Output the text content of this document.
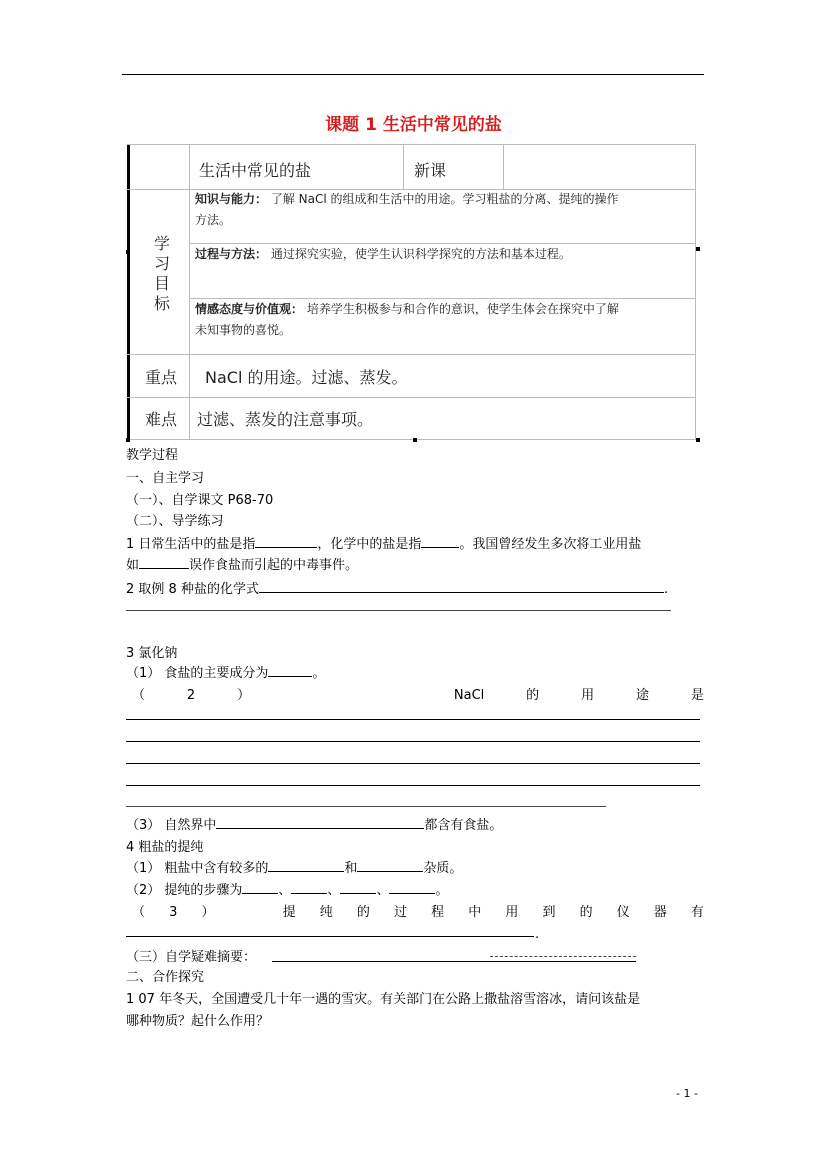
课题 1 生活中常见的盐
生活中常见的盐	新课
学习目标
知识与能力： 了解 NaCl 的组成和生活中的用途。学习粗盐的分离、提纯的操作
方法。
过程与方法： 通过探究实验，使学生认识科学探究的方法和基本过程。
情感态度与价值观： 培养学生积极参与和合作的意识，使学生体会在探究中了解
未知事物的喜悦。
重点 NaCl 的用途。过滤、蒸发。
难点 过滤、蒸发的注意事项。
教学过程
一、自主学习
（一）、自学课文 P68-70
（二）、导学练习
1 日常生活中的盐是指	，化学中的盐是指	。我国曾经发生多次将工业用盐
如	误作食盐而引起的中毒事件。
2 取例 8 种盐的化学式	.
3 氯化钠
（1） 食盐的主要成分为	。
（	2	）	NaCl	的	用	途	是
（3） 自然界中	都含有食盐。
4 粗盐的提纯
（1） 粗盐中含有较多的	和	杂质。
（2） 提纯的步骤为	、	、	、	。
（ 3 ）	提 纯 的 过 程 中 用 到 的 仪 器 有
.
（三）自学疑难摘要：
二、合作探究
1 07 年冬天，全国遭受几十年一遇的雪灾。有关部门在公路上撒盐溶雪溶冰，请问该盐是
哪种物质？起什么作用？
- 1 -
